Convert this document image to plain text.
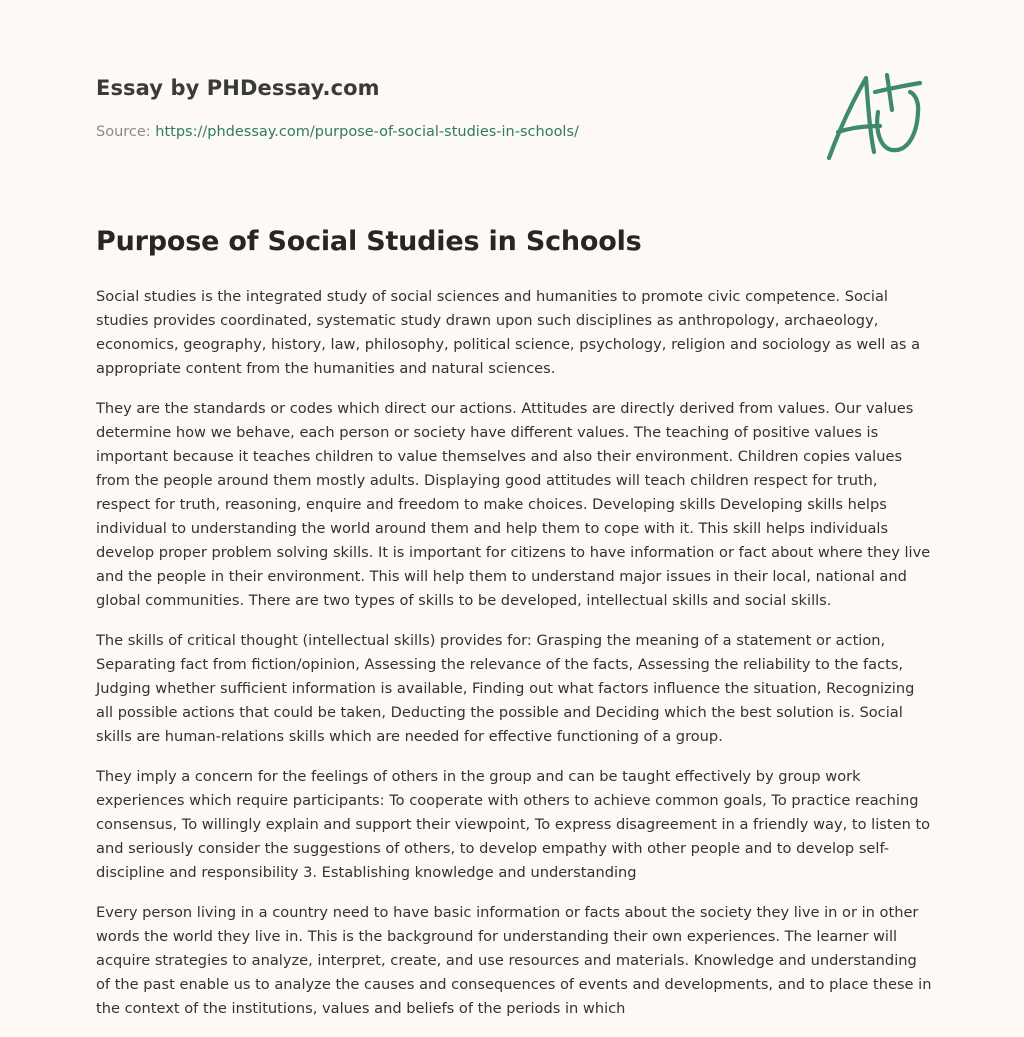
Essay by PHDessay.com

Source: https://phdessay.com/purpose-of-social-studies-in-schools/

Purpose of Social Studies in Schools

Social studies is the integrated study of social sciences and humanities to promote civic competence. Social studies provides coordinated, systematic study drawn upon such disciplines as anthropology, archaeology, economics, geography, history, law, philosophy, political science, psychology, religion and sociology as well as a appropriate content from the humanities and natural sciences.

They are the standards or codes which direct our actions. Attitudes are directly derived from values. Our values determine how we behave, each person or society have different values. The teaching of positive values is important because it teaches children to value themselves and also their environment. Children copies values from the people around them mostly adults. Displaying good attitudes will teach children respect for truth, respect for truth, reasoning, enquire and freedom to make choices. Developing skills Developing skills helps individual to understanding the world around them and help them to cope with it. This skill helps individuals develop proper problem solving skills. It is important for citizens to have information or fact about where they live and the people in their environment. This will help them to understand major issues in their local, national and global communities. There are two types of skills to be developed, intellectual skills and social skills.

The skills of critical thought (intellectual skills) provides for: Grasping the meaning of a statement or action, Separating fact from fiction/opinion, Assessing the relevance of the facts, Assessing the reliability to the facts, Judging whether sufficient information is available, Finding out what factors influence the situation, Recognizing all possible actions that could be taken, Deducting the possible and Deciding which the best solution is. Social skills are human-relations skills which are needed for effective functioning of a group.

They imply a concern for the feelings of others in the group and can be taught effectively by group work experiences which require participants: To cooperate with others to achieve common goals, To practice reaching consensus, To willingly explain and support their viewpoint, To express disagreement in a friendly way, to listen to and seriously consider the suggestions of others, to develop empathy with other people and to develop self-discipline and responsibility 3. Establishing knowledge and understanding

Every person living in a country need to have basic information or facts about the society they live in or in other words the world they live in. This is the background for understanding their own experiences. The learner will acquire strategies to analyze, interpret, create, and use resources and materials. Knowledge and understanding of the past enable us to analyze the causes and consequences of events and developments, and to place these in the context of the institutions, values and beliefs of the periods in which
